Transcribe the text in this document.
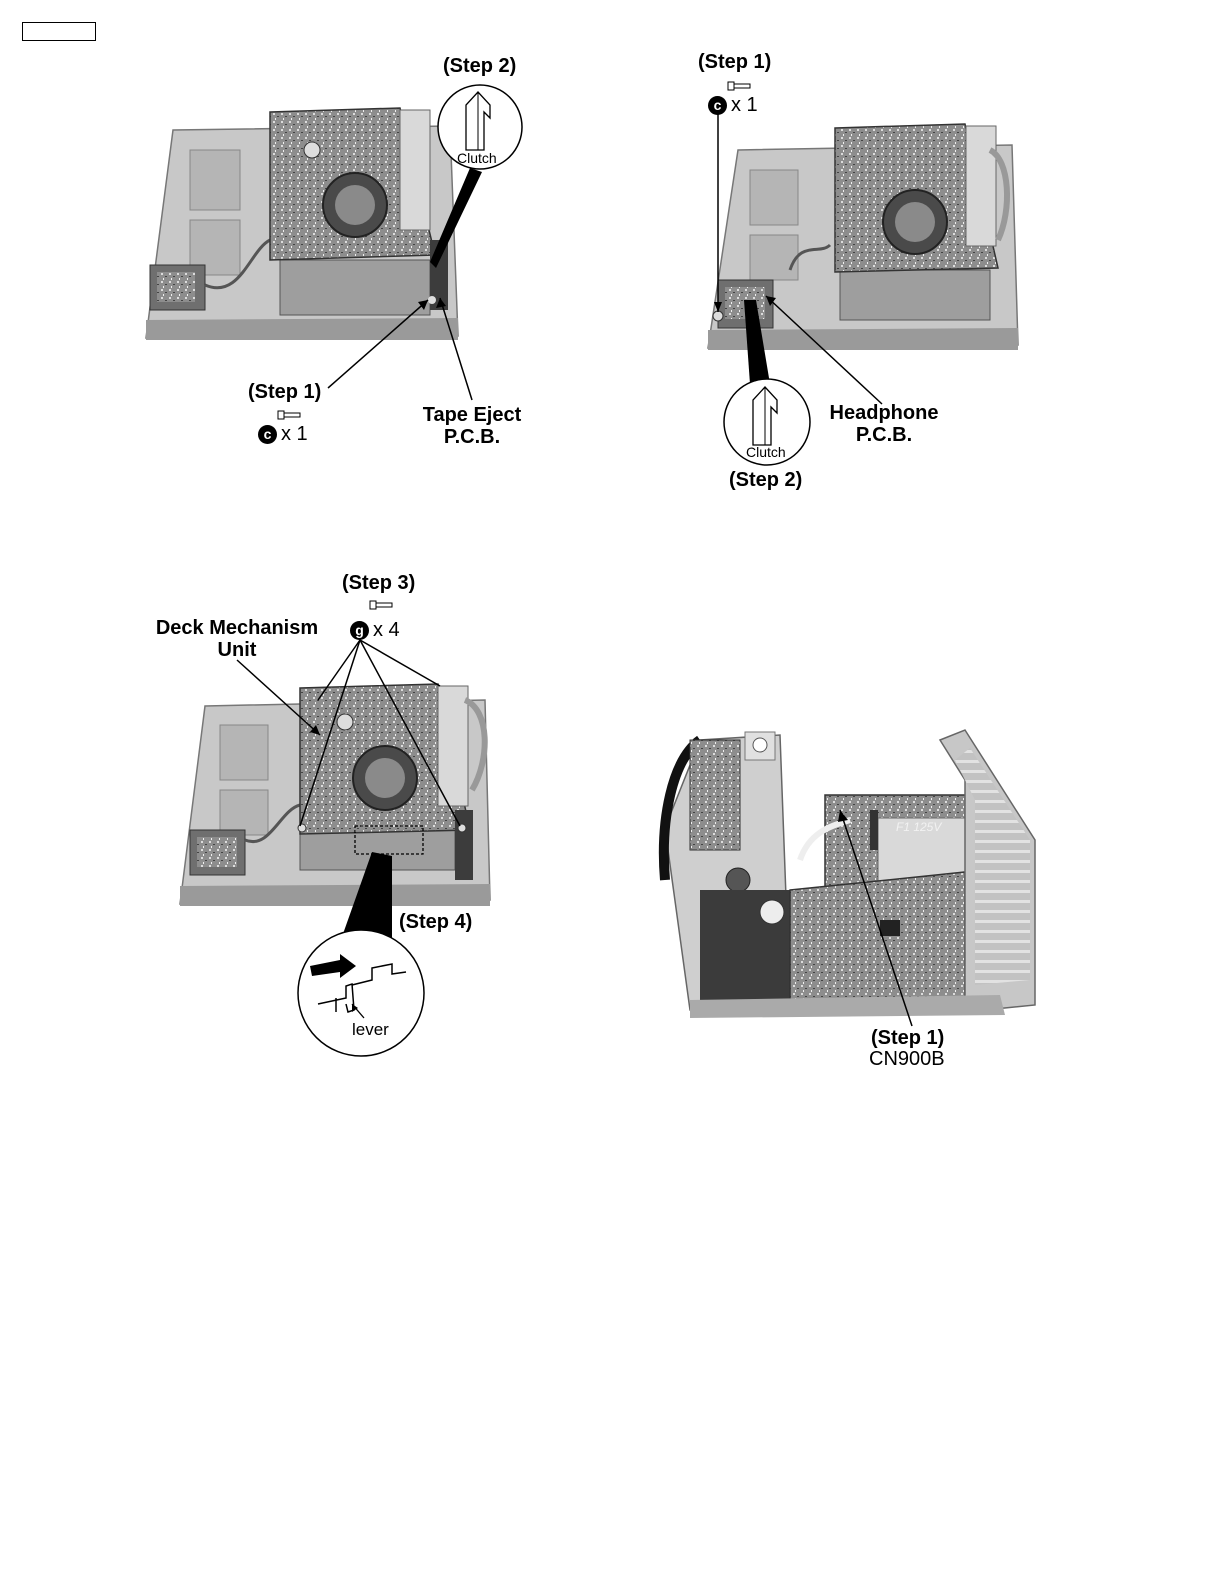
(Step 2)
Clutch
(Step 1)
c x 1
Tape Eject
P.C.B.
(Step 1)
c x 1
Clutch
(Step 2)
Headphone
P.C.B.
(Step 3)
g x 4
Deck Mechanism
Unit
(Step 4)
lever
F1 125V
(Step 1)
CN900B
